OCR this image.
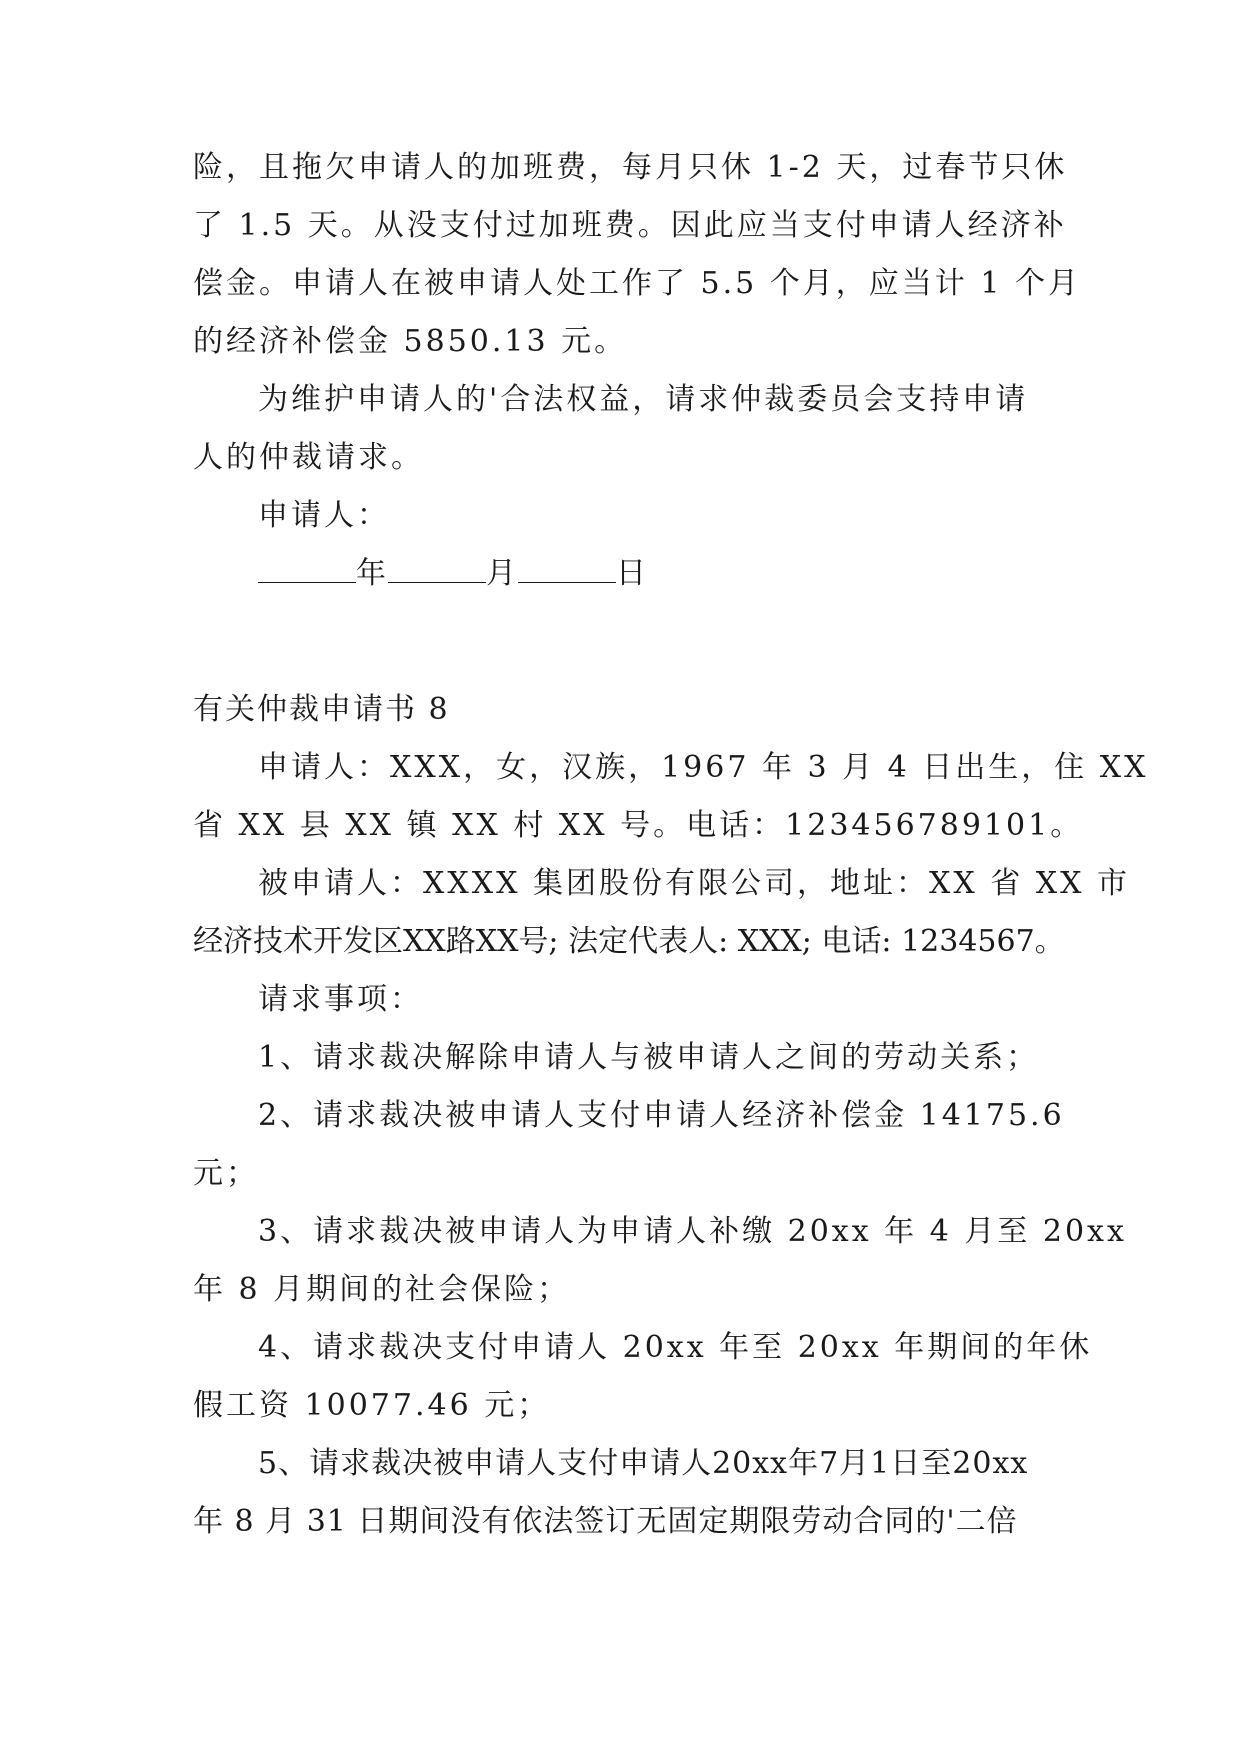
险，且拖欠申请人的加班费，每月只休 1-2 天，过春节只休
了 1.5 天。从没支付过加班费。因此应当支付申请人经济补
偿金。申请人在被申请人处工作了 5.5 个月，应当计 1 个月
的经济补偿金 5850.13 元。
为维护申请人的'合法权益，请求仲裁委员会支持申请
人的仲裁请求。
申请人：
年	月	日
有关仲裁申请书 8
申请人：XXX，女，汉族，1967 年 3 月 4 日出生，住 XX
省 XX 县 XX 镇 XX 村 XX 号。电话：123456789101。
被申请人：XXXX 集团股份有限公司，地址：XX 省 XX 市
经济技术开发区XX路XX号; 法定代表人: XXX; 电话: 1234567。
请求事项：
1、请求裁决解除申请人与被申请人之间的劳动关系；
2、请求裁决被申请人支付申请人经济补偿金 14175.6
元；
3、请求裁决被申请人为申请人补缴 20xx 年 4 月至 20xx
年 8 月期间的社会保险；
4、请求裁决支付申请人 20xx 年至 20xx 年期间的年休
假工资 10077.46 元；
5、请求裁决被申请人支付申请人20xx年7月1日至20xx
年 8 月 31 日期间没有依法签订无固定期限劳动合同的'二倍
